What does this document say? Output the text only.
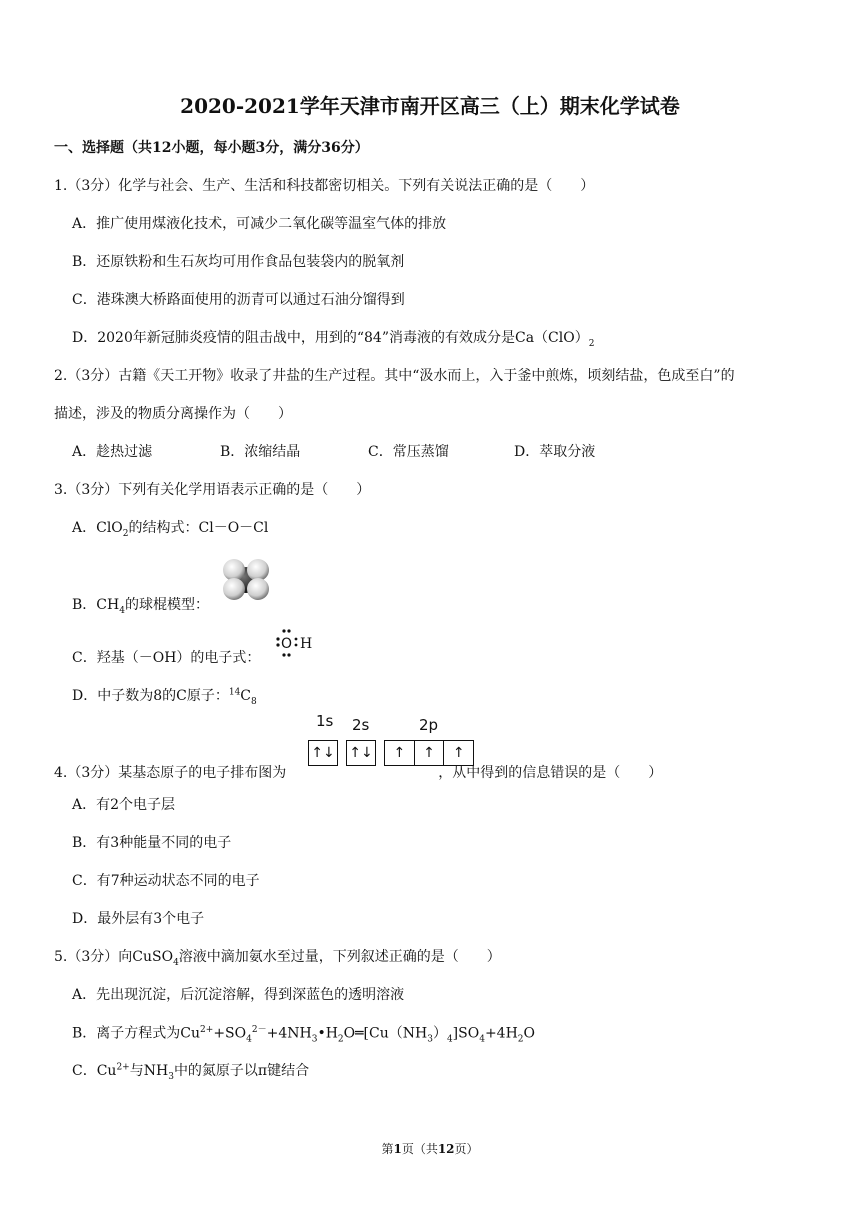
2020-2021学年天津市南开区高三（上）期末化学试卷
一、选择题（共12小题，每小题3分，满分36分）
1.（3分）化学与社会、生产、生活和科技都密切相关。下列有关说法正确的是（　　）
A．推广使用煤液化技术，可减少二氧化碳等温室气体的排放
B．还原铁粉和生石灰均可用作食品包装袋内的脱氧剂
C．港珠澳大桥路面使用的沥青可以通过石油分馏得到
D．2020年新冠肺炎疫情的阻击战中，用到的“84”消毒液的有效成分是$Ca(ClO)_2$
2.（3分）古籍《天工开物》收录了井盐的生产过程。其中“汲水而上，入于釜中煎炼，顷刻结盐，色成至白”的
描述，涉及的物质分离操作为（　　）
A．趁热过滤	B．浓缩结晶	C．常压蒸馏	D．萃取分液
3.（3分）下列有关化学用语表示正确的是（　　）
A．ClO$_2$的结构式：Cl－O－Cl
B．$CH_4$的球棍模型：
C．羟基（－OH）的电子式：
O H
D．中子数为8的C原子：$^{14}C_8$
4.（3分）某基态原子的电子排布图为	，从中得到的信息错误的是（　　）
1s 2s	2p
↑↓ ↑↓	↑	↑	↑
A．有2个电子层
B．有3种能量不同的电子
C．有7种运动状态不同的电子
D．最外层有3个电子
5.（3分）向CuSO$_4$溶液中滴加氨水至过量，下列叙述正确的是（　　）
A．先出现沉淀，后沉淀溶解，得到深蓝色的透明溶液
B．离子方程式为$Cu^{2+}+SO_4^{2-}+4NH_3•H_2O═[Cu(NH_3)_4]SO_4+4H_2O$
C．$Cu^{2+}$与$NH_3$中的氮原子以π键结合
第1页（共12页）
